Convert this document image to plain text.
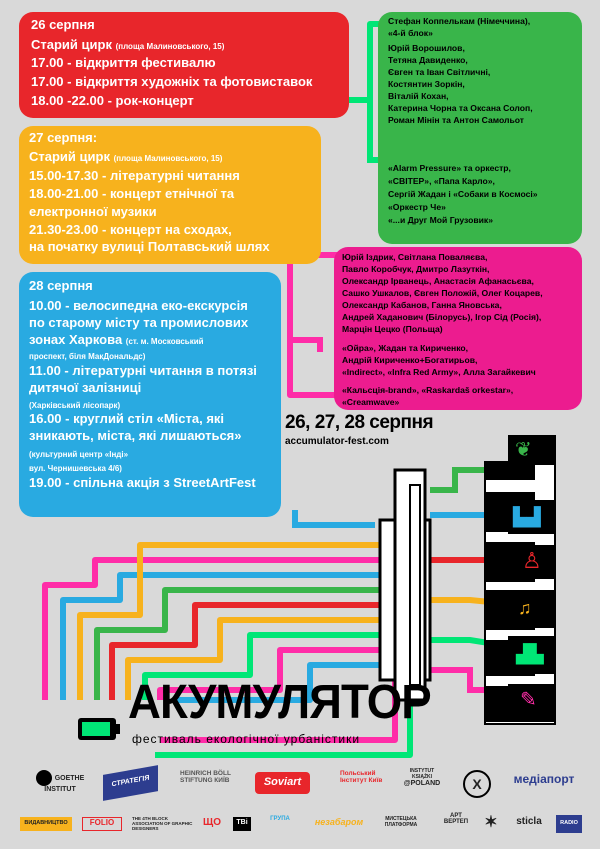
❦
▙▟
♙
♫
▟▙
✎

26 серпня

Старий цирк (площа Малиновського, 15)

17.00 - відкриття фестивалю

17.00 - відкриття художніх та фотовиставок

18.00 -22.00 - рок-концерт

Стефан Коппелькам (Німеччина),

«4-й блок»

Юрій Ворошилов,

Тетяна Давиденко,

Євген та Іван Світличні,

Костянтин Зоркін,

Віталій Кохан,

Катерина Чорна та Оксана Солоп,

Роман Мінін та Антон Самольот

«Alarm Pressure» та оркестр,

«СВІТЕР», «Папа Карло»,

Сергій Жадан і «Собаки в Космосі»

«Оркестр Че»

«...и Друг Мой Грузовик»

27 серпня:

Старий цирк (площа Малиновського, 15)

15.00-17.30 - літературні читання

18.00-21.00 - концерт етнічної та

електронної музики

21.30-23.00 - концерт на сходах,

на початку вулиці Полтавський шлях

Юрій Іздрик, Світлана Поваляєва,

Павло Коробчук, Дмитро Лазуткін,

Олександр Ірванець, Анастасія Афанасьєва,

Сашко Ушкалов, Євген Положій, Олег Коцарев,

Олександр Кабанов, Ганна Яновська,

Андрей Хаданович (Білорусь), Ігор Сід (Росія),

Марцін Цецко (Польща)

«Ойра», Жадан та Кириченко,

Андрій Кириченко+Богатирьов,

«Indirect», «Infra Red Army», Алла Загайкевич

«Кальсція-brand», «Raskardaš orkestar»,

«Creamwave»

28 серпня

10.00 - велосипедна еко-екскурсія

по старому місту та промислових

зонах Харкова (ст. м. Московський

проспект, біля МакДональдс)

11.00 - літературні читання в потязі

дитячої залізниці

(Харківський лісопарк)

16.00 - круглий стіл «Міста, які

зникають, міста, які лишаються»

(культурний центр «Інді»

вул. Чернишевська 4/6)

19.00 - спільна акція з StreetArtFest

26, 27, 28 серпня

accumulator-fest.com

АКУМУЛЯТОР

фестиваль екологічної урбаністики

GOETHE INSTITUT
СТРАТЕГІЯ
HEINRICH BÖLL STIFTUNG КИЇВ	Soviart
Польський Інститут Київ	@POLAND
INSTYTUT KSIĄŻKI	X	медіапорт
ВИДАВНИЦТВО	FOLIO	THE 4TH BLOCK ASSOCIATION OF GRAPHIC DESIGNERS
ЩО	ТВі	ГРУПА	незабаром	МИСТЕЦЬКА ПЛАТФОРМА
АРТ ВЕРТЕП ✶	sticla	RADIO
